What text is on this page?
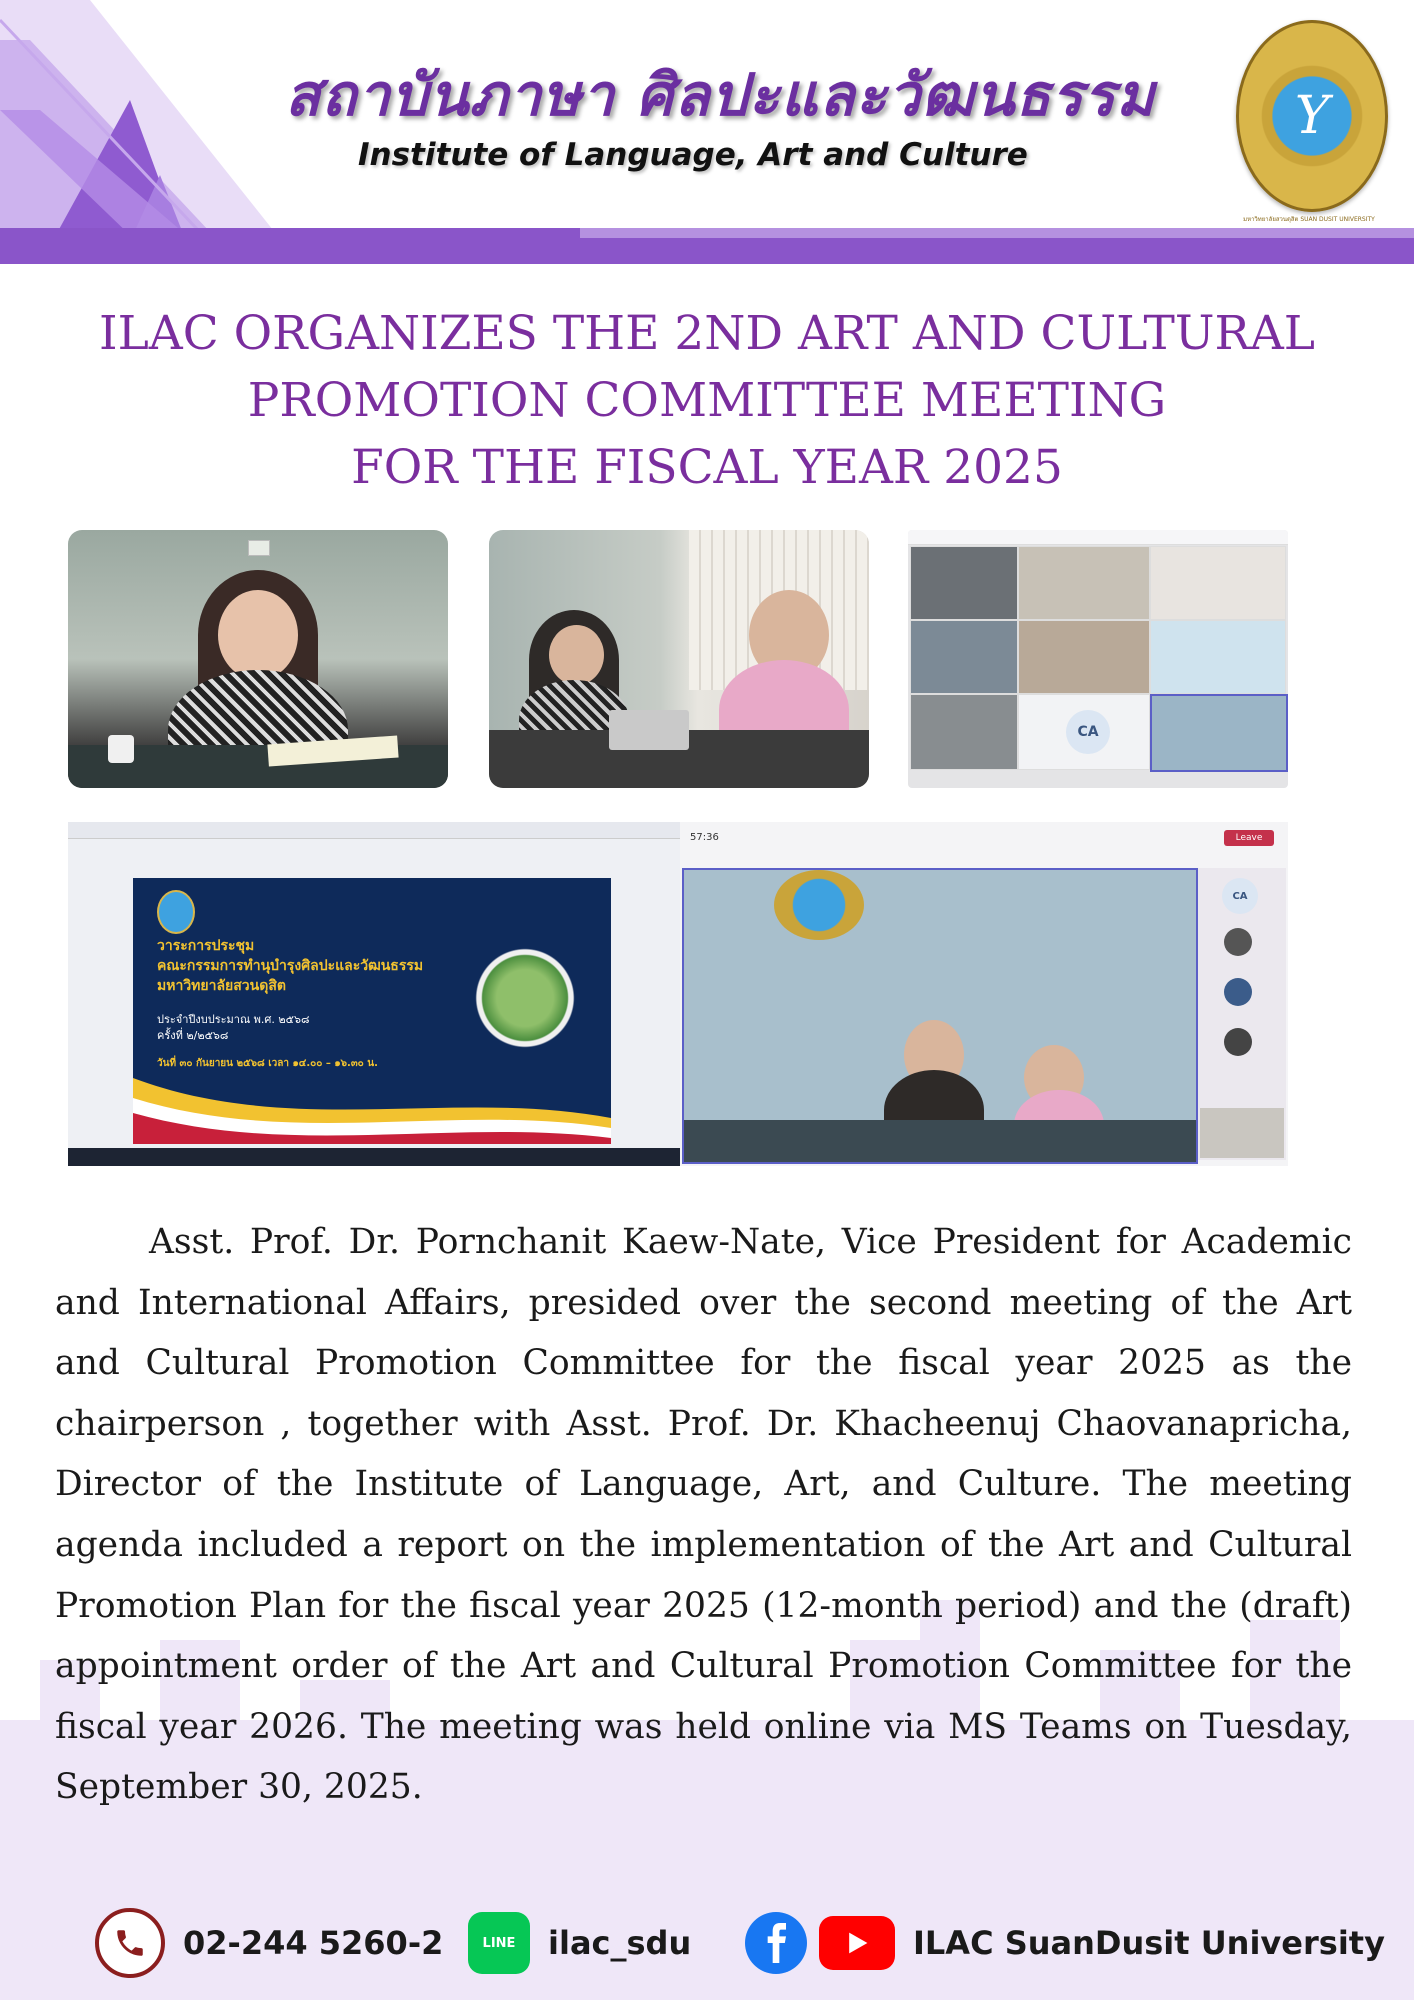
สถาบันภาษา ศิลปะและวัฒนธรรม
Institute of Language, Art and Culture
Y
มหาวิทยาลัยสวนดุสิต SUAN DUSIT UNIVERSITY
ILAC ORGANIZES THE 2ND ART AND CULTURAL
PROMOTION COMMITTEE MEETING
FOR THE FISCAL YEAR 2025
CA
วาระการประชุม
คณะกรรมการทำนุบำรุงศิลปะและวัฒนธรรม
มหาวิทยาลัยสวนดุสิต
ประจำปีงบประมาณ พ.ศ. ๒๕๖๘
ครั้งที่ ๒/๒๕๖๘
วันที่ ๓๐ กันยายน ๒๕๖๘ เวลา ๑๔.๐๐ – ๑๖.๓๐ น.
57:36	Leave
CA
Asst. Prof. Dr. Pornchanit Kaew-Nate, Vice President for Academic and International Affairs, presided over the second meeting of the Art and Cultural Promotion Committee for the fiscal year 2025 as the chairperson , together with Asst. Prof. Dr. Khacheenuj Chaovanapricha, Director of the Institute of Language, Art, and Culture. The meeting agenda included a report on the implementation of the Art and Cultural Promotion Plan for the fiscal year 2025 (12-month period) and the (draft) appointment order of the Art and Cultural Promotion Committee for the fiscal year 2026. The meeting was held online via MS Teams on Tuesday, September 30, 2025.
02-244 5260-2	LINE	ilac_sdu	ILAC SuanDusit University
